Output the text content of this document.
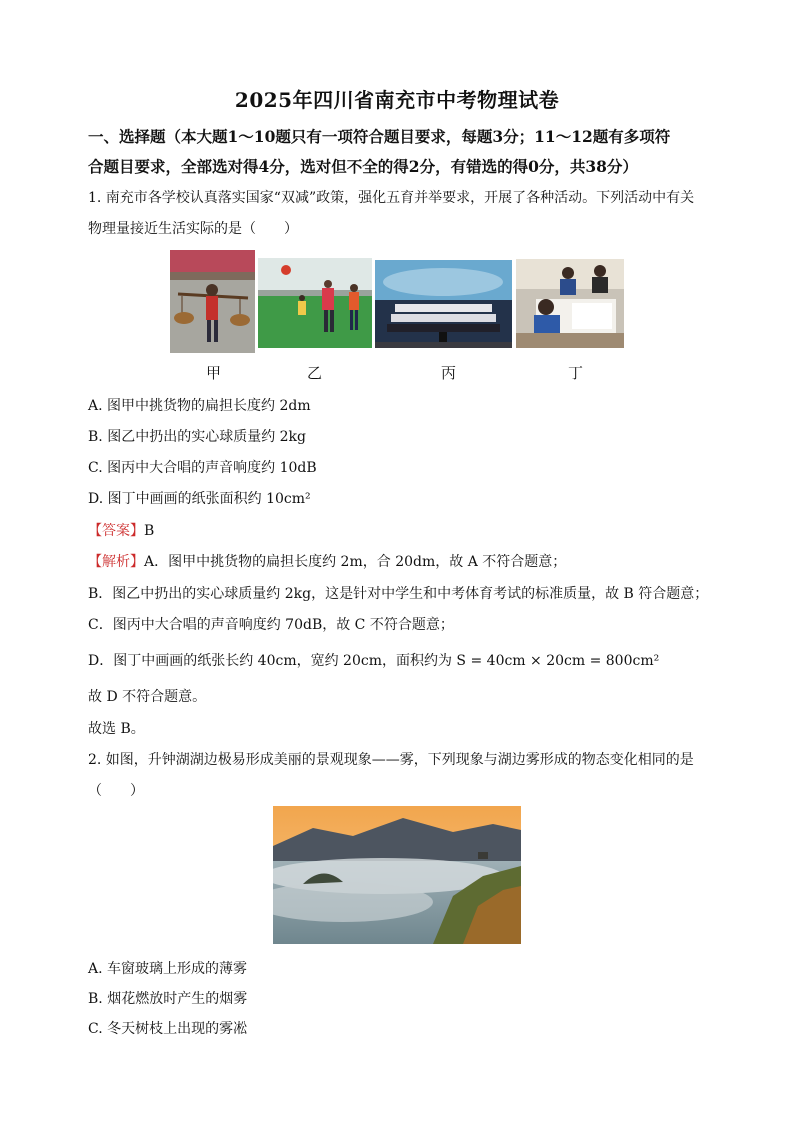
2025年四川省南充市中考物理试卷
一、选择题（本大题1～10题只有一项符合题目要求，每题3分；11～12题有多项符
合题目要求，全部选对得4分，选对但不全的得2分，有错选的得0分，共38分）
1. 南充市各学校认真落实国家“双减”政策，强化五育并举要求，开展了各种活动。下列活动中有关
物理量接近生活实际的是（　　）
甲	乙	丙	丁
A. 图甲中挑货物的扁担长度约 2dm
B. 图乙中扔出的实心球质量约 2kg
C. 图丙中大合唱的声音响度约 10dB
D. 图丁中画画的纸张面积约 10cm²
【答案】B
【解析】A．图甲中挑货物的扁担长度约 2m，合 20dm，故 A 不符合题意；
B．图乙中扔出的实心球质量约 2kg，这是针对中学生和中考体育考试的标准质量，故 B 符合题意；
C．图丙中大合唱的声音响度约 70dB，故 C 不符合题意；
D．图丁中画画的纸张长约 40cm，宽约 20cm，面积约为 S = 40cm × 20cm = 800cm²
故 D 不符合题意。
故选 B。
2. 如图，升钟湖湖边极易形成美丽的景观现象——雾，下列现象与湖边雾形成的物态变化相同的是
（　　）
A. 车窗玻璃上形成的薄雾
B. 烟花燃放时产生的烟雾
C. 冬天树枝上出现的雾凇
